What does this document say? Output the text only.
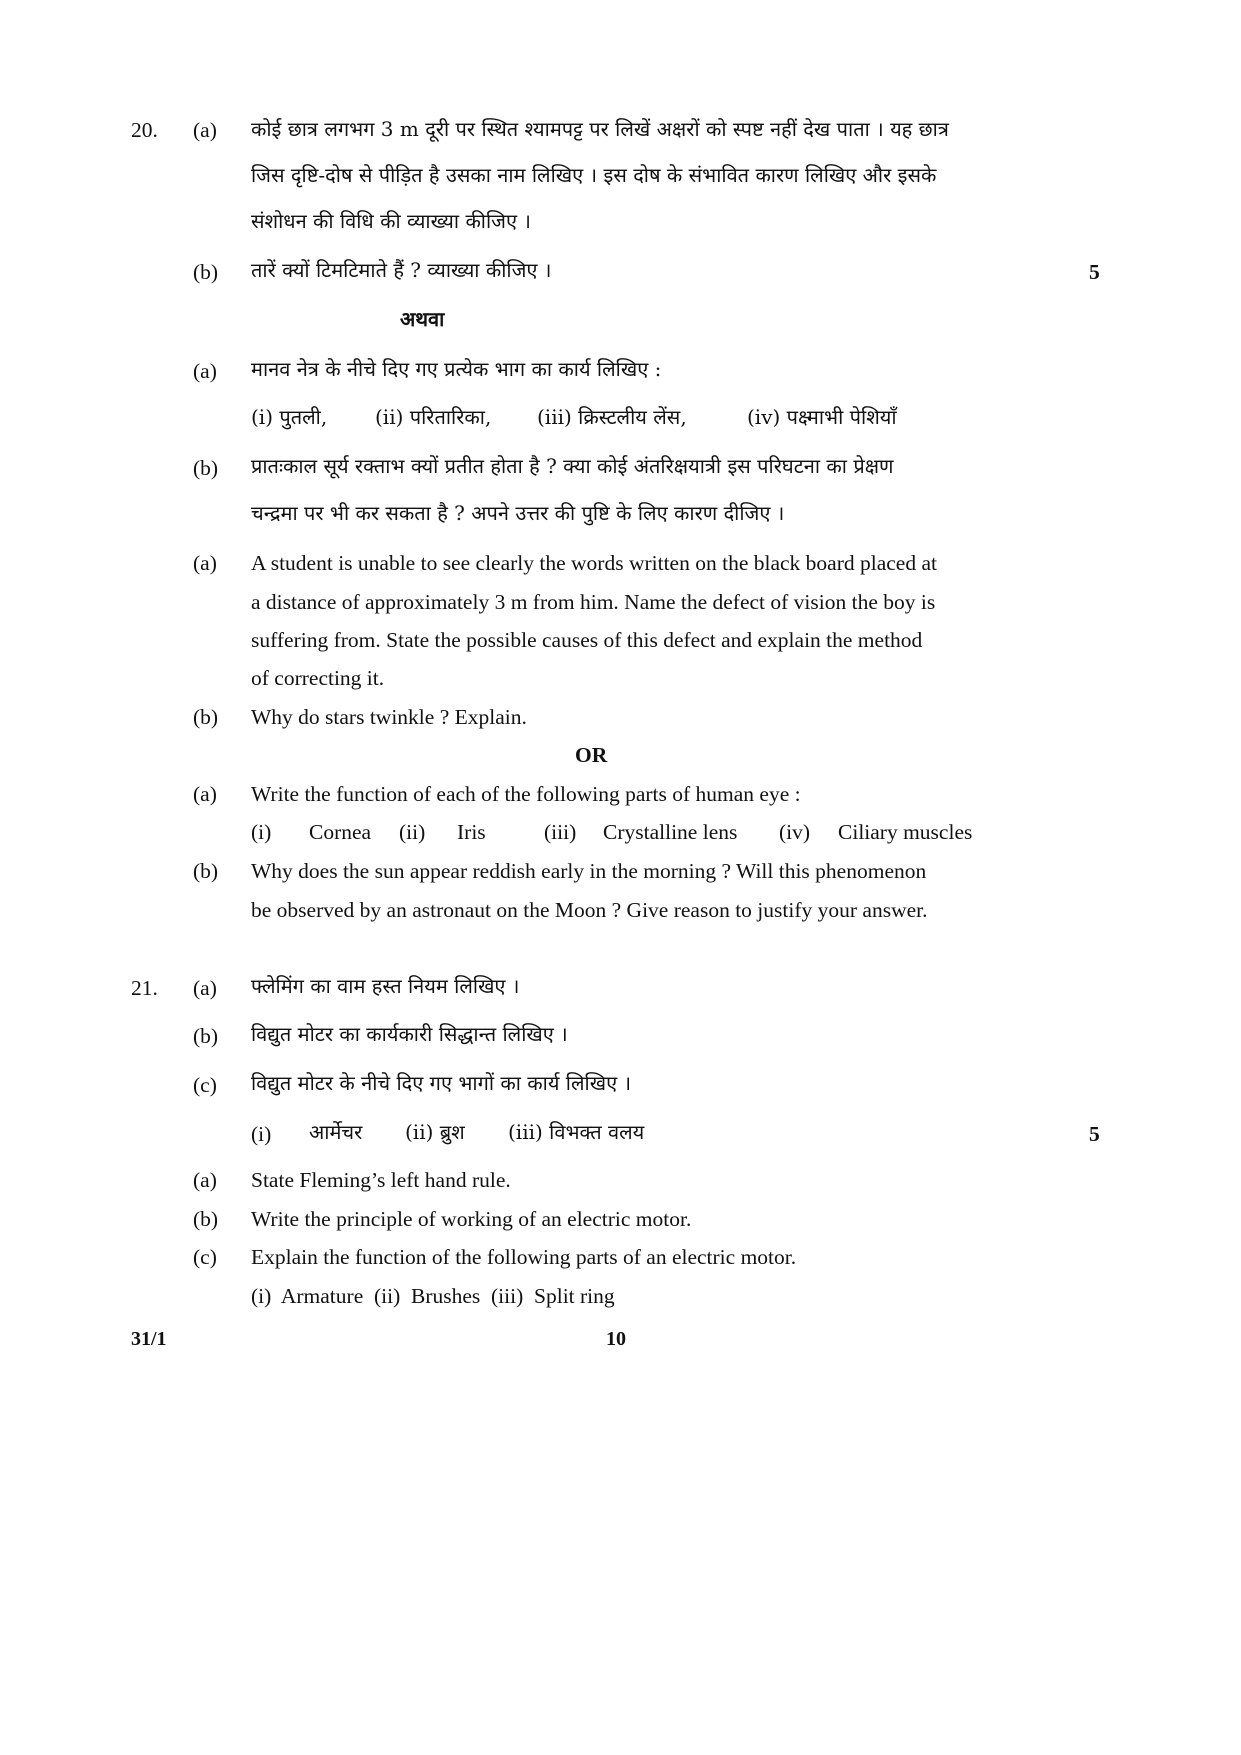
20. (a) कोई छात्र लगभग 3 m दूरी पर स्थित श्यामपट्ट पर लिखें अक्षरों को स्पष्ट नहीं देख पाता । यह छात्र
जिस दृष्टि-दोष से पीड़ित है उसका नाम लिखिए । इस दोष के संभावित कारण लिखिए और इसके
संशोधन की विधि की व्याख्या कीजिए ।
(b) तारें क्यों टिमटिमाते हैं ? व्याख्या कीजिए ।	5
अथवा
(a) मानव नेत्र के नीचे दिए गए प्रत्येक भाग का कार्य लिखिए :
(i) पुतली, (ii) परितारिका, (iii) क्रिस्टलीय लेंस,	(iv) पक्ष्माभी पेशियाँ
(b) प्रातःकाल सूर्य रक्ताभ क्यों प्रतीत होता है ? क्या कोई अंतरिक्षयात्री इस परिघटना का प्रेक्षण
चन्द्रमा पर भी कर सकता है ? अपने उत्तर की पुष्टि के लिए कारण दीजिए ।
(a) A student is unable to see clearly the words written on the black board placed at
a distance of approximately 3 m from him. Name the defect of vision the boy is
suffering from. State the possible causes of this defect and explain the method
of correcting it.
(b) Why do stars twinkle ? Explain.
OR
(a) Write the function of each of the following parts of human eye :
(i) Cornea (ii) Iris	(iii) Crystalline lens (iv) Ciliary muscles
(b) Why does the sun appear reddish early in the morning ? Will this phenomenon
be observed by an astronaut on the Moon ? Give reason to justify your answer.
21. (a) फ्लेमिंग का वाम हस्त नियम लिखिए ।
(b) विद्युत मोटर का कार्यकारी सिद्धान्त लिखिए ।
(c) विद्युत मोटर के नीचे दिए गए भागों का कार्य लिखिए ।
(i) आर्मेचर (ii) ब्रुश (iii) विभक्त वलय	5
(a) State Fleming’s left hand rule.
(b) Write the principle of working of an electric motor.
(c) Explain the function of the following parts of an electric motor.
(i)  Armature  (ii)  Brushes  (iii)  Split ring
31/1	10
